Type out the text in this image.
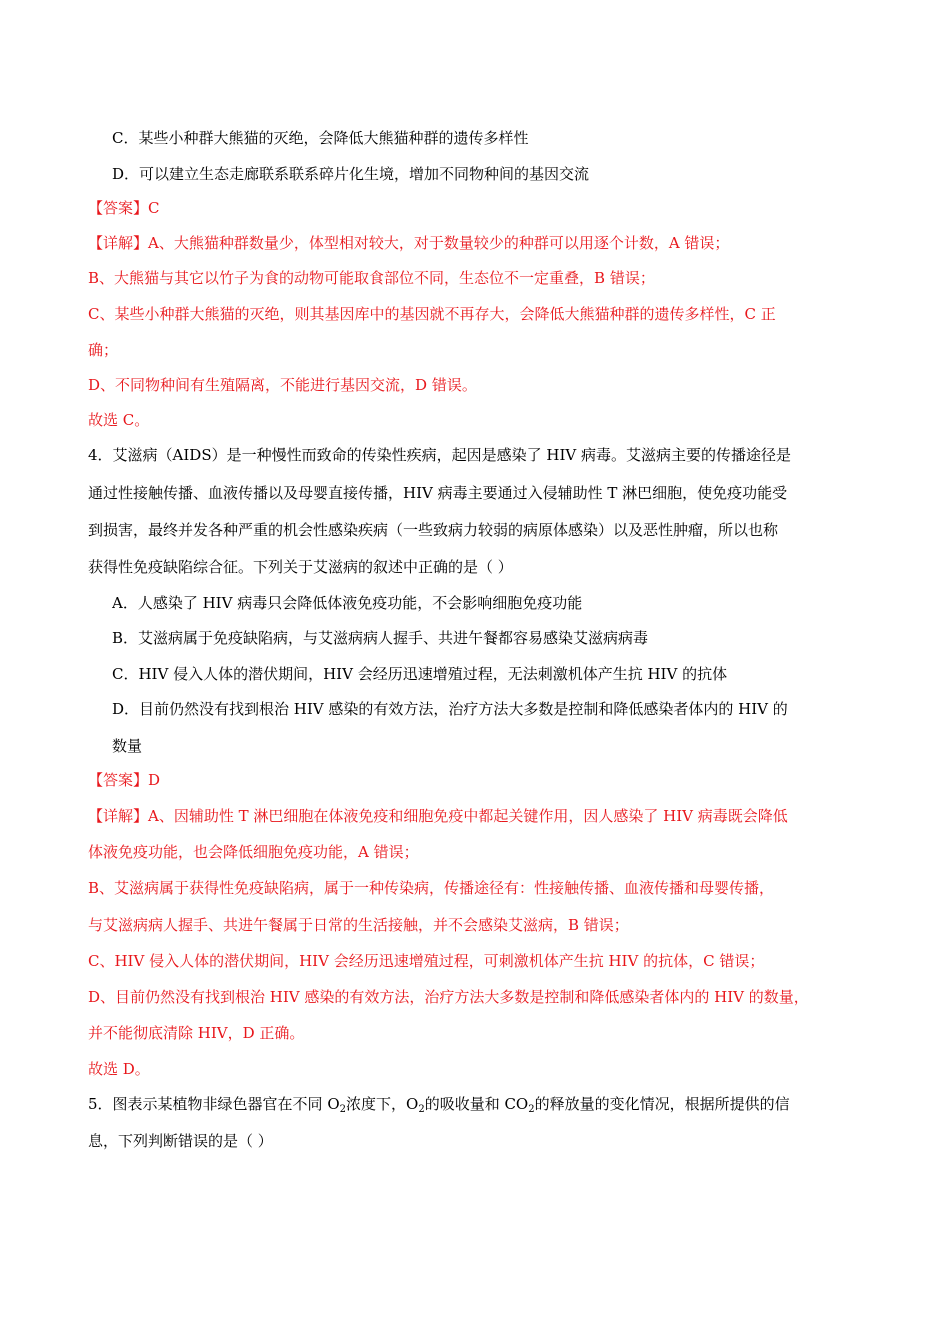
C．某些小种群大熊猫的灭绝，会降低大熊猫种群的遗传多样性
D．可以建立生态走廊联系联系碎片化生境，增加不同物种间的基因交流
【答案】C
【详解】A、大熊猫种群数量少，体型相对较大，对于数量较少的种群可以用逐个计数，A 错误；
B、大熊猫与其它以竹子为食的动物可能取食部位不同，生态位不一定重叠，B 错误；
C、某些小种群大熊猫的灭绝，则其基因库中的基因就不再存大，会降低大熊猫种群的遗传多样性，C 正
确；
D、不同物种间有生殖隔离，不能进行基因交流，D 错误。
故选 C。
4．艾滋病（AIDS）是一种慢性而致命的传染性疾病，起因是感染了 HIV 病毒。艾滋病主要的传播途径是
通过性接触传播、血液传播以及母婴直接传播，HIV 病毒主要通过入侵辅助性 T 淋巴细胞，使免疫功能受
到损害，最终并发各种严重的机会性感染疾病（一些致病力较弱的病原体感染）以及恶性肿瘤，所以也称
获得性免疫缺陷综合征。下列关于艾滋病的叙述中正确的是（ ）
A．人感染了 HIV 病毒只会降低体液免疫功能，不会影响细胞免疫功能
B．艾滋病属于免疫缺陷病，与艾滋病病人握手、共进午餐都容易感染艾滋病病毒
C．HIV 侵入人体的潜伏期间，HIV 会经历迅速增殖过程，无法刺激机体产生抗 HIV 的抗体
D．目前仍然没有找到根治 HIV 感染的有效方法，治疗方法大多数是控制和降低感染者体内的 HIV 的
数量
【答案】D
【详解】A、因辅助性 T 淋巴细胞在体液免疫和细胞免疫中都起关键作用，因人感染了 HIV 病毒既会降低
体液免疫功能，也会降低细胞免疫功能，A 错误；
B、艾滋病属于获得性免疫缺陷病，属于一种传染病，传播途径有：性接触传播、血液传播和母婴传播，
与艾滋病病人握手、共进午餐属于日常的生活接触，并不会感染艾滋病，B 错误；
C、HIV 侵入人体的潜伏期间，HIV 会经历迅速增殖过程，可刺激机体产生抗 HIV 的抗体，C 错误；
D、目前仍然没有找到根治 HIV 感染的有效方法，治疗方法大多数是控制和降低感染者体内的 HIV 的数量，
并不能彻底清除 HIV，D 正确。
故选 D。
5．图表示某植物非绿色器官在不同 $O_2$浓度下，$O_2$的吸收量和 $CO_2$的释放量的变化情况，根据所提供的信
息，下列判断错误的是（ ）
